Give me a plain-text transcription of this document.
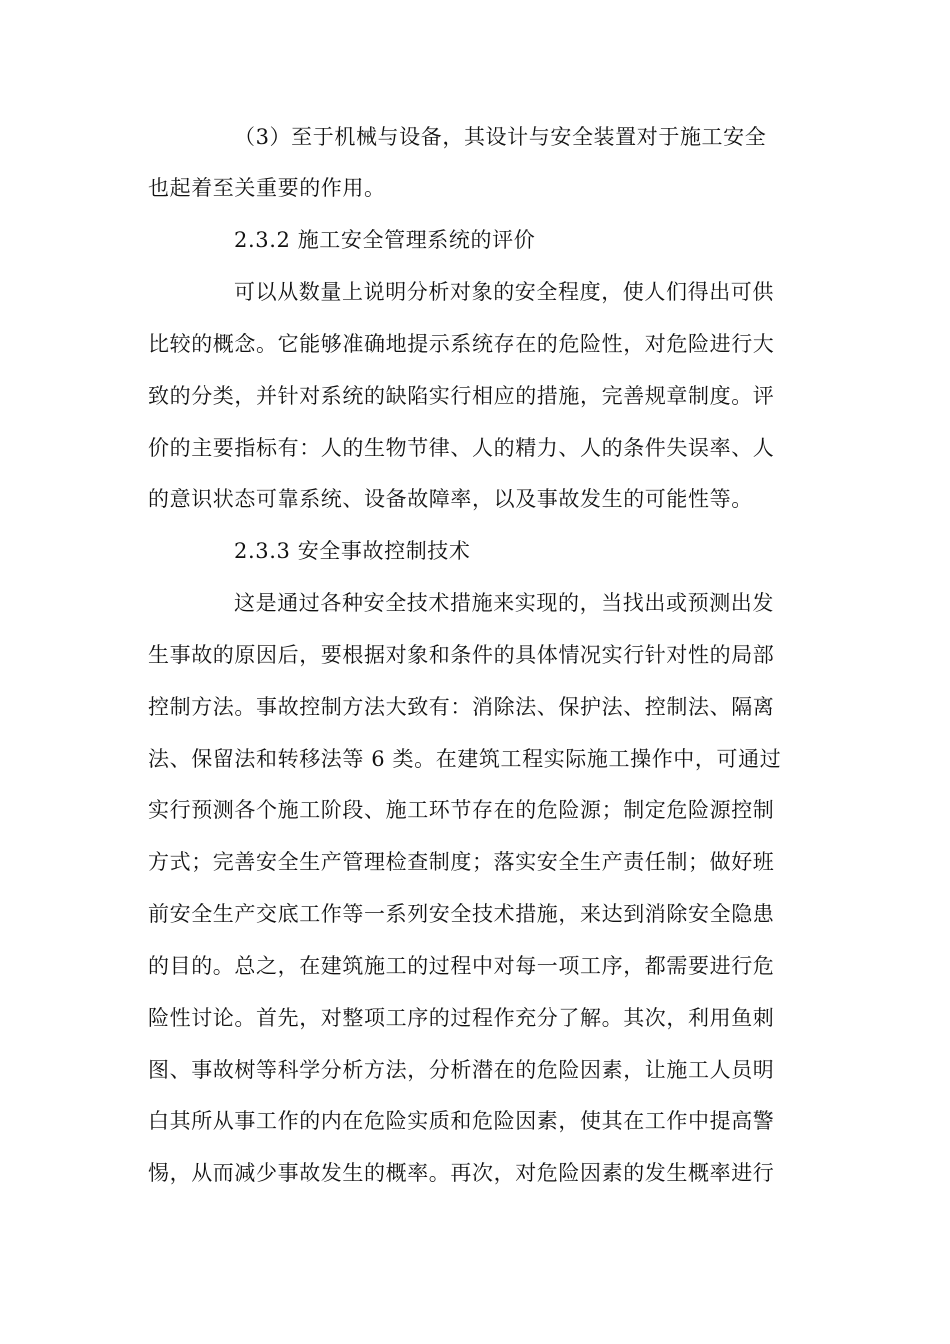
（3）至于机械与设备，其设计与安全装置对于施工安全
也起着至关重要的作用。
2.3.2 施工安全管理系统的评价
可以从数量上说明分析对象的安全程度，使人们得出可供
比较的概念。它能够准确地提示系统存在的危险性，对危险进行大
致的分类，并针对系统的缺陷实行相应的措施，完善规章制度。评
价的主要指标有：人的生物节律、人的精力、人的条件失误率、人
的意识状态可靠系统、设备故障率，以及事故发生的可能性等。
2.3.3 安全事故控制技术
这是通过各种安全技术措施来实现的，当找出或预测出发
生事故的原因后，要根据对象和条件的具体情况实行针对性的局部
控制方法。事故控制方法大致有：消除法、保护法、控制法、隔离
法、保留法和转移法等 6 类。在建筑工程实际施工操作中，可通过
实行预测各个施工阶段、施工环节存在的危险源；制定危险源控制
方式；完善安全生产管理检查制度；落实安全生产责任制；做好班
前安全生产交底工作等一系列安全技术措施，来达到消除安全隐患
的目的。总之，在建筑施工的过程中对每一项工序，都需要进行危
险性讨论。首先，对整项工序的过程作充分了解。其次，利用鱼刺
图、事故树等科学分析方法，分析潜在的危险因素，让施工人员明
白其所从事工作的内在危险实质和危险因素，使其在工作中提高警
惕，从而减少事故发生的概率。再次，对危险因素的发生概率进行
